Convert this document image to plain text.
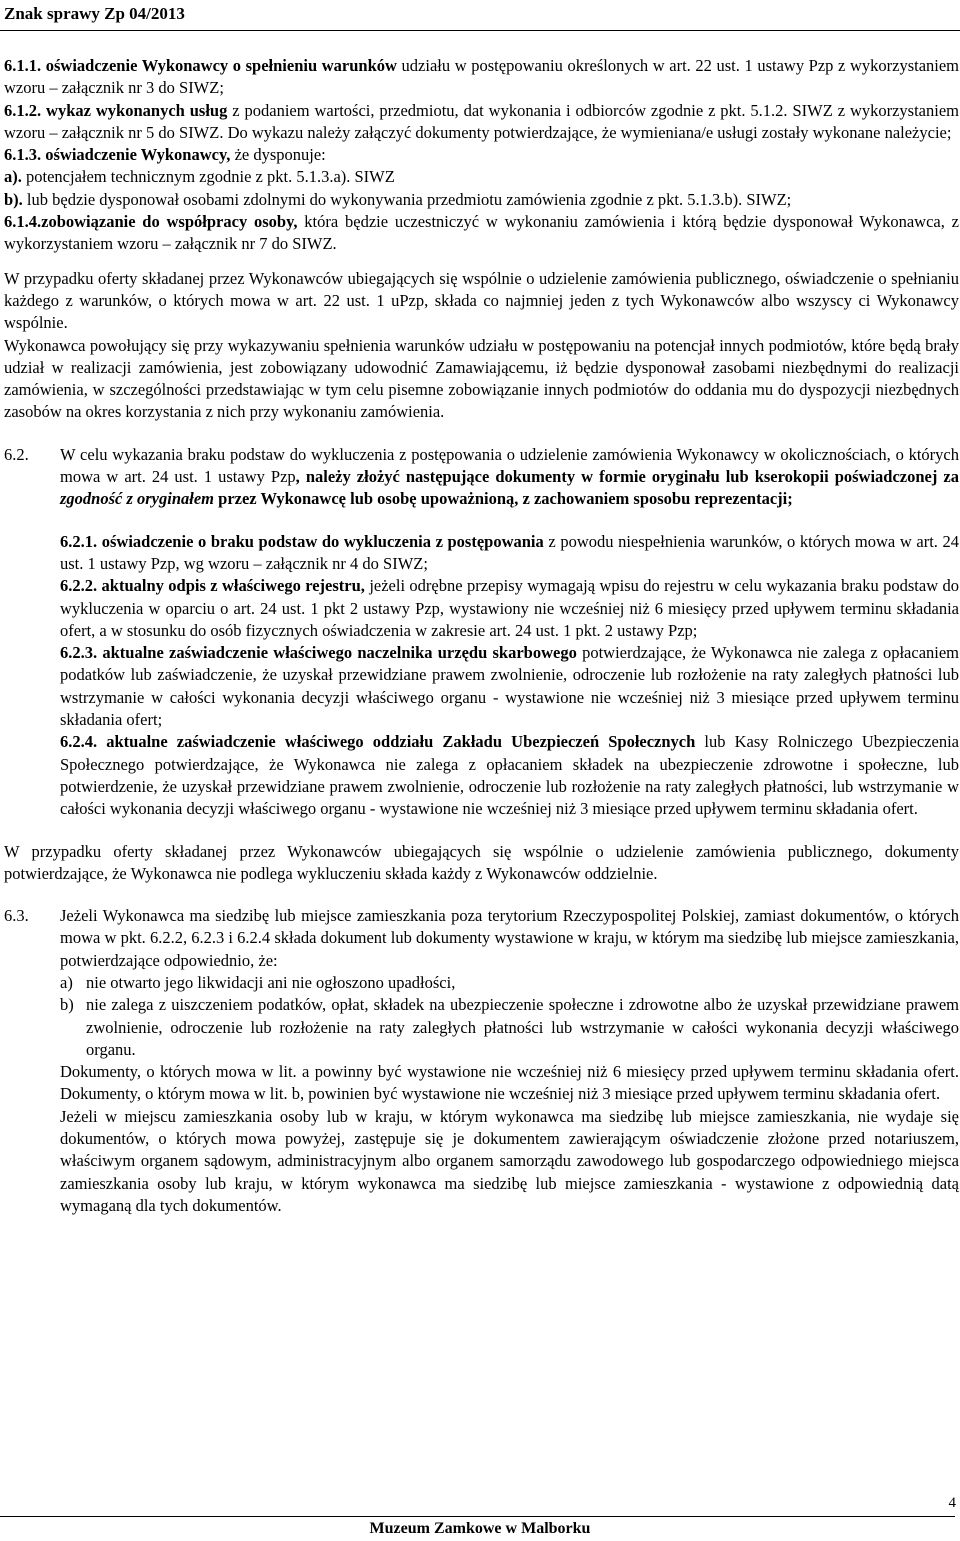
Znak sprawy Zp 04/2013

6.1.1. oświadczenie Wykonawcy o spełnieniu warunków udziału w postępowaniu określonych w art. 22 ust. 1 ustawy Pzp z wykorzystaniem wzoru – załącznik nr 3 do SIWZ;

6.1.2. wykaz wykonanych usług z podaniem wartości, przedmiotu, dat wykonania i odbiorców zgodnie z pkt. 5.1.2. SIWZ z wykorzystaniem wzoru – załącznik nr 5 do SIWZ. Do wykazu należy załączyć dokumenty potwierdzające, że wymieniana/e usługi zostały wykonane należycie;

6.1.3. oświadczenie Wykonawcy, że dysponuje:

a). potencjałem technicznym zgodnie z pkt. 5.1.3.a). SIWZ

b). lub będzie dysponował osobami zdolnymi do wykonywania przedmiotu zamówienia zgodnie z pkt. 5.1.3.b). SIWZ;

6.1.4.zobowiązanie do współpracy osoby, która będzie uczestniczyć w wykonaniu zamówienia i którą będzie dysponował Wykonawca, z wykorzystaniem wzoru – załącznik nr 7 do SIWZ.

W przypadku oferty składanej przez Wykonawców ubiegających się wspólnie o udzielenie zamówienia publicznego, oświadczenie o spełnianiu każdego z warunków, o których mowa w art. 22 ust. 1 uPzp, składa co najmniej jeden z tych Wykonawców albo wszyscy ci Wykonawcy wspólnie.

Wykonawca powołujący się przy wykazywaniu spełnienia warunków udziału w postępowaniu na potencjał innych podmiotów, które będą brały udział w realizacji zamówienia, jest zobowiązany udowodnić Zamawiającemu, iż będzie dysponował zasobami niezbędnymi do realizacji zamówienia, w szczególności przedstawiając w tym celu pisemne zobowiązanie innych podmiotów do oddania mu do dyspozycji niezbędnych zasobów na okres korzystania z nich przy wykonaniu zamówienia.

6.2.	W celu wykazania braku podstaw do wykluczenia z postępowania o udzielenie zamówienia Wykonawcy w okolicznościach, o których mowa w art. 24 ust. 1 ustawy Pzp, należy złożyć następujące dokumenty w formie oryginału lub kserokopii poświadczonej za zgodność z oryginałem przez Wykonawcę lub osobę upoważnioną, z zachowaniem sposobu reprezentacji;

6.2.1. oświadczenie o braku podstaw do wykluczenia z postępowania z powodu niespełnienia warunków, o których mowa w art. 24 ust. 1 ustawy Pzp, wg wzoru – załącznik nr 4 do SIWZ;

6.2.2. aktualny odpis z właściwego rejestru, jeżeli odrębne przepisy wymagają wpisu do rejestru w celu wykazania braku podstaw do wykluczenia w oparciu o art. 24 ust. 1 pkt 2 ustawy Pzp, wystawiony nie wcześniej niż 6 miesięcy przed upływem terminu składania ofert, a w stosunku do osób fizycznych oświadczenia w zakresie art. 24 ust. 1 pkt. 2 ustawy Pzp;

6.2.3. aktualne zaświadczenie właściwego naczelnika urzędu skarbowego potwierdzające, że Wykonawca nie zalega z opłacaniem podatków lub zaświadczenie, że uzyskał przewidziane prawem zwolnienie, odroczenie lub rozłożenie na raty zaległych płatności lub wstrzymanie w całości wykonania decyzji właściwego organu - wystawione nie wcześniej niż 3 miesiące przed upływem terminu składania ofert;

6.2.4. aktualne zaświadczenie właściwego oddziału Zakładu Ubezpieczeń Społecznych lub Kasy Rolniczego Ubezpieczenia Społecznego potwierdzające, że Wykonawca nie zalega z opłacaniem składek na ubezpieczenie zdrowotne i społeczne, lub potwierdzenie, że uzyskał przewidziane prawem zwolnienie, odroczenie lub rozłożenie na raty zaległych płatności, lub wstrzymanie w całości wykonania decyzji właściwego organu - wystawione nie wcześniej niż 3 miesiące przed upływem terminu składania ofert.

W przypadku oferty składanej przez Wykonawców ubiegających się wspólnie o udzielenie zamówienia publicznego, dokumenty potwierdzające, że Wykonawca nie podlega wykluczeniu składa każdy z Wykonawców oddzielnie.

6.3.	Jeżeli Wykonawca ma siedzibę lub miejsce zamieszkania poza terytorium Rzeczypospolitej Polskiej, zamiast dokumentów, o których mowa w pkt. 6.2.2, 6.2.3 i 6.2.4 składa dokument lub dokumenty wystawione w kraju, w którym ma siedzibę lub miejsce zamieszkania, potwierdzające odpowiednio, że:

a) nie otwarto jego likwidacji ani nie ogłoszono upadłości,
b) nie zalega z uiszczeniem podatków, opłat, składek na ubezpieczenie społeczne i zdrowotne albo że uzyskał przewidziane prawem zwolnienie, odroczenie lub rozłożenie na raty zaległych płatności lub wstrzymanie w całości wykonania decyzji właściwego organu.

Dokumenty, o których mowa w lit. a powinny być wystawione nie wcześniej niż 6 miesięcy przed upływem terminu składania ofert. Dokumenty, o którym mowa w lit. b, powinien być wystawione nie wcześniej niż 3 miesiące przed upływem terminu składania ofert.

Jeżeli w miejscu zamieszkania osoby lub w kraju, w którym wykonawca ma siedzibę lub miejsce zamieszkania, nie wydaje się dokumentów, o których mowa powyżej, zastępuje się je dokumentem zawierającym oświadczenie złożone przed notariuszem, właściwym organem sądowym, administracyjnym albo organem samorządu zawodowego lub gospodarczego odpowiedniego miejsca zamieszkania osoby lub kraju, w którym wykonawca ma siedzibę lub miejsce zamieszkania - wystawione z odpowiednią datą wymaganą dla tych dokumentów.

4
Muzeum Zamkowe w Malborku
